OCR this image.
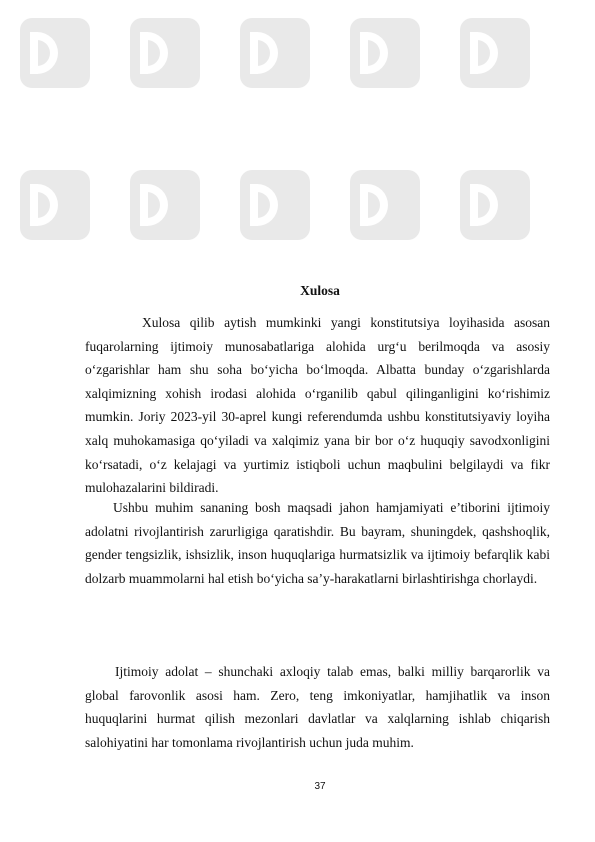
Xulosa

Xulosa qilib aytish mumkinki yangi konstitutsiya loyihasida asosan fuqarolarning ijtimoiy munosabatlariga alohida urg‘u berilmoqda va asosiy o‘zgarishlar ham shu soha bo‘yicha bo‘lmoqda. Albatta bunday o‘zgarishlarda xalqimizning xohish irodasi alohida o‘rganilib qabul qilinganligini ko‘rishimiz mumkin. Joriy 2023-yil 30-aprel kungi referendumda ushbu konstitutsiyaviy loyiha xalq muhokamasiga qo‘yiladi va xalqimiz yana bir bor o‘z huquqiy savodxonligini ko‘rsatadi, o‘z kelajagi va yurtimiz istiqboli uchun maqbulini belgilaydi va fikr mulohazalarini bildiradi.

Ushbu muhim sananing bosh maqsadi jahon hamjamiyati e’tiborini ijtimoiy adolatni rivojlantirish zarurligiga qaratishdir. Bu bayram, shuningdek, qashshoqlik, gender tengsizlik, ishsizlik, inson huquqlariga hurmatsizlik va ijtimoiy befarqlik kabi dolzarb muammolarni hal etish bo‘yicha sa’y-harakatlarni birlashtirishga chorlaydi.

Ijtimoiy adolat – shunchaki axloqiy talab emas, balki milliy barqarorlik va global farovonlik asosi ham. Zero, teng imkoniyatlar, hamjihatlik va inson huquqlarini hurmat qilish mezonlari davlatlar va xalqlarning ishlab chiqarish salohiyatini har tomonlama rivojlantirish uchun juda muhim.

37
